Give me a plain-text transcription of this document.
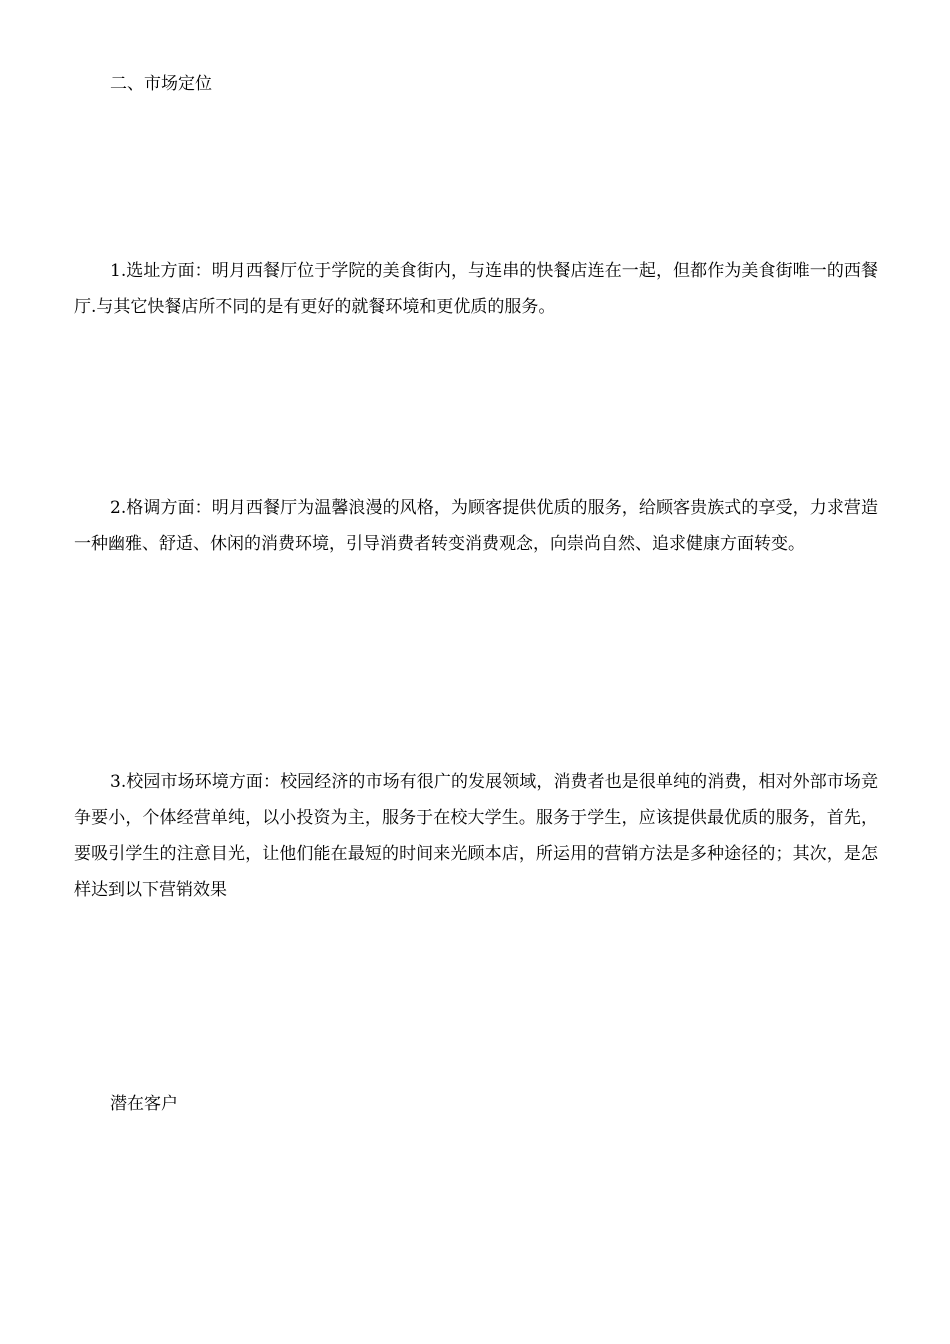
二、市场定位

1.选址方面：明月西餐厅位于学院的美食街内，与连串的快餐店连在一起，但都作为美食街唯一的西餐厅.与其它快餐店所不同的是有更好的就餐环境和更优质的服务。

2.格调方面：明月西餐厅为温馨浪漫的风格，为顾客提供优质的服务，给顾客贵族式的享受，力求营造一种幽雅、舒适、休闲的消费环境，引导消费者转变消费观念，向崇尚自然、追求健康方面转变。

3.校园市场环境方面：校园经济的市场有很广的发展领域，消费者也是很单纯的消费，相对外部市场竞争要小，个体经营单纯，以小投资为主，服务于在校大学生。服务于学生，应该提供最优质的服务，首先，要吸引学生的注意目光，让他们能在最短的时间来光顾本店，所运用的营销方法是多种途径的；其次，是怎样达到以下营销效果

潜在客户
